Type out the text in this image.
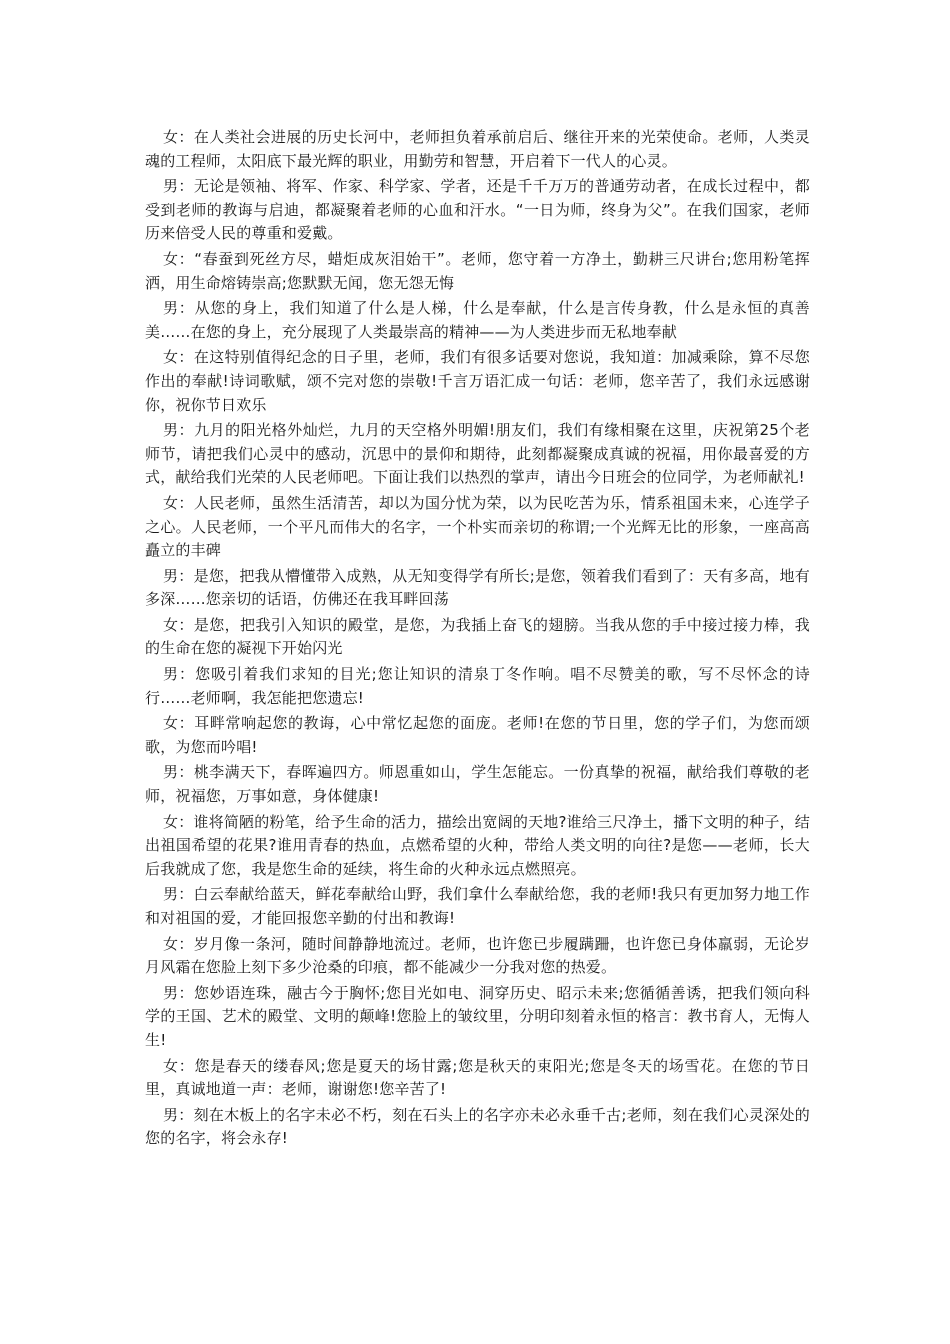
女：在人类社会进展的历史长河中，老师担负着承前启后、继往开来的光荣使命。老师，人类灵魂的工程师，太阳底下最光辉的职业，用勤劳和智慧，开启着下一代人的心灵。

男：无论是领袖、将军、作家、科学家、学者，还是千千万万的普通劳动者，在成长过程中，都受到老师的教诲与启迪，都凝聚着老师的心血和汗水。“一日为师，终身为父”。在我们国家，老师历来倍受人民的尊重和爱戴。

女：“春蚕到死丝方尽，蜡炬成灰泪始干”。老师，您守着一方净土，勤耕三尺讲台;您用粉笔挥洒，用生命熔铸崇高;您默默无闻，您无怨无悔

男：从您的身上，我们知道了什么是人梯，什么是奉献，什么是言传身教，什么是永恒的真善美……在您的身上，充分展现了人类最崇高的精神——为人类进步而无私地奉献

女：在这特别值得纪念的日子里，老师，我们有很多话要对您说，我知道：加减乘除，算不尽您作出的奉献!诗词歌赋，颂不完对您的崇敬!千言万语汇成一句话：老师，您辛苦了，我们永远感谢你，祝你节日欢乐

男：九月的阳光格外灿烂，九月的天空格外明媚!朋友们，我们有缘相聚在这里，庆祝第25个老师节，请把我们心灵中的感动，沉思中的景仰和期待，此刻都凝聚成真诚的祝福，用你最喜爱的方式，献给我们光荣的人民老师吧。下面让我们以热烈的掌声，请出今日班会的位同学，为老师献礼!

女：人民老师，虽然生活清苦，却以为国分忧为荣，以为民吃苦为乐，情系祖国未来，心连学子之心。人民老师，一个平凡而伟大的名字，一个朴实而亲切的称谓;一个光辉无比的形象，一座高高矗立的丰碑

男：是您，把我从懵懂带入成熟，从无知变得学有所长;是您，领着我们看到了：天有多高，地有多深……您亲切的话语，仿佛还在我耳畔回荡

女：是您，把我引入知识的殿堂，是您，为我插上奋飞的翅膀。当我从您的手中接过接力棒，我的生命在您的凝视下开始闪光

男：您吸引着我们求知的目光;您让知识的清泉丁冬作响。唱不尽赞美的歌，写不尽怀念的诗行……老师啊，我怎能把您遗忘!

女：耳畔常响起您的教诲，心中常忆起您的面庞。老师!在您的节日里，您的学子们，为您而颂歌，为您而吟唱!

男：桃李满天下，春晖遍四方。师恩重如山，学生怎能忘。一份真挚的祝福，献给我们尊敬的老师，祝福您，万事如意，身体健康!

女：谁将简陋的粉笔，给予生命的活力，描绘出宽阔的天地?谁给三尺净土，播下文明的种子，结出祖国希望的花果?谁用青春的热血，点燃希望的火种，带给人类文明的向往?是您——老师，长大后我就成了您，我是您生命的延续，将生命的火种永远点燃照亮。

男：白云奉献给蓝天，鲜花奉献给山野，我们拿什么奉献给您，我的老师!我只有更加努力地工作和对祖国的爱，才能回报您辛勤的付出和教诲!

女：岁月像一条河，随时间静静地流过。老师，也许您已步履蹒跚，也许您已身体羸弱，无论岁月风霜在您脸上刻下多少沧桑的印痕，都不能减少一分我对您的热爱。

男：您妙语连珠，融古今于胸怀;您目光如电、洞穿历史、昭示未来;您循循善诱，把我们领向科学的王国、艺术的殿堂、文明的颠峰!您脸上的皱纹里，分明印刻着永恒的格言：教书育人，无悔人生!

女：您是春天的缕春风;您是夏天的场甘露;您是秋天的束阳光;您是冬天的场雪花。在您的节日里，真诚地道一声：老师，谢谢您!您辛苦了!

男：刻在木板上的名字未必不朽，刻在石头上的名字亦未必永垂千古;老师，刻在我们心灵深处的您的名字，将会永存!
